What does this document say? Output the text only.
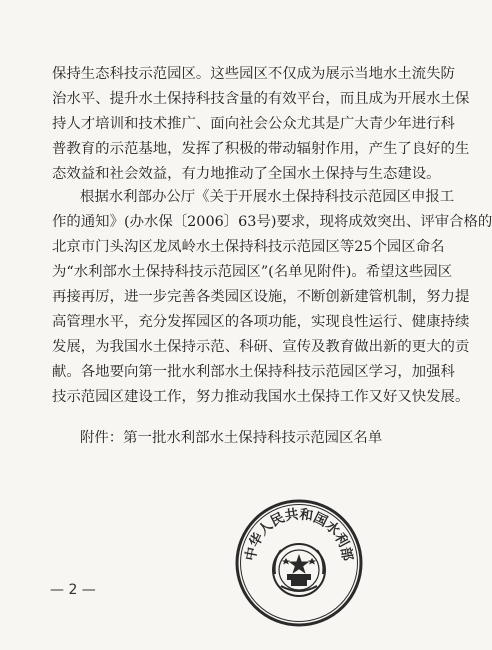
保持生态科技示范园区。这些园区不仅成为展示当地水土流失防
治水平、提升水土保持科技含量的有效平台，而且成为开展水土保
持人才培训和技术推广、面向社会公众尤其是广大青少年进行科
普教育的示范基地，发挥了积极的带动辐射作用，产生了良好的生
态效益和社会效益，有力地推动了全国水土保持与生态建设。
根据水利部办公厅《关于开展水土保持科技示范园区申报工
作的通知》(办水保〔2006〕63号)要求，现将成效突出、评审合格的
北京市门头沟区龙凤岭水土保持科技示范园区等25个园区命名
为“水利部水土保持科技示范园区”(名单见附件)。希望这些园区
再接再厉，进一步完善各类园区设施，不断创新建管机制，努力提
高管理水平，充分发挥园区的各项功能，实现良性运行、健康持续
发展，为我国水土保持示范、科研、宣传及教育做出新的更大的贡
献。各地要向第一批水利部水土保持科技示范园区学习，加强科
技示范园区建设工作，努力推动我国水土保持工作又好又快发展。

附件：第一批水利部水土保持科技示范园区名单

中华人民共和国水利部

— 2 —
